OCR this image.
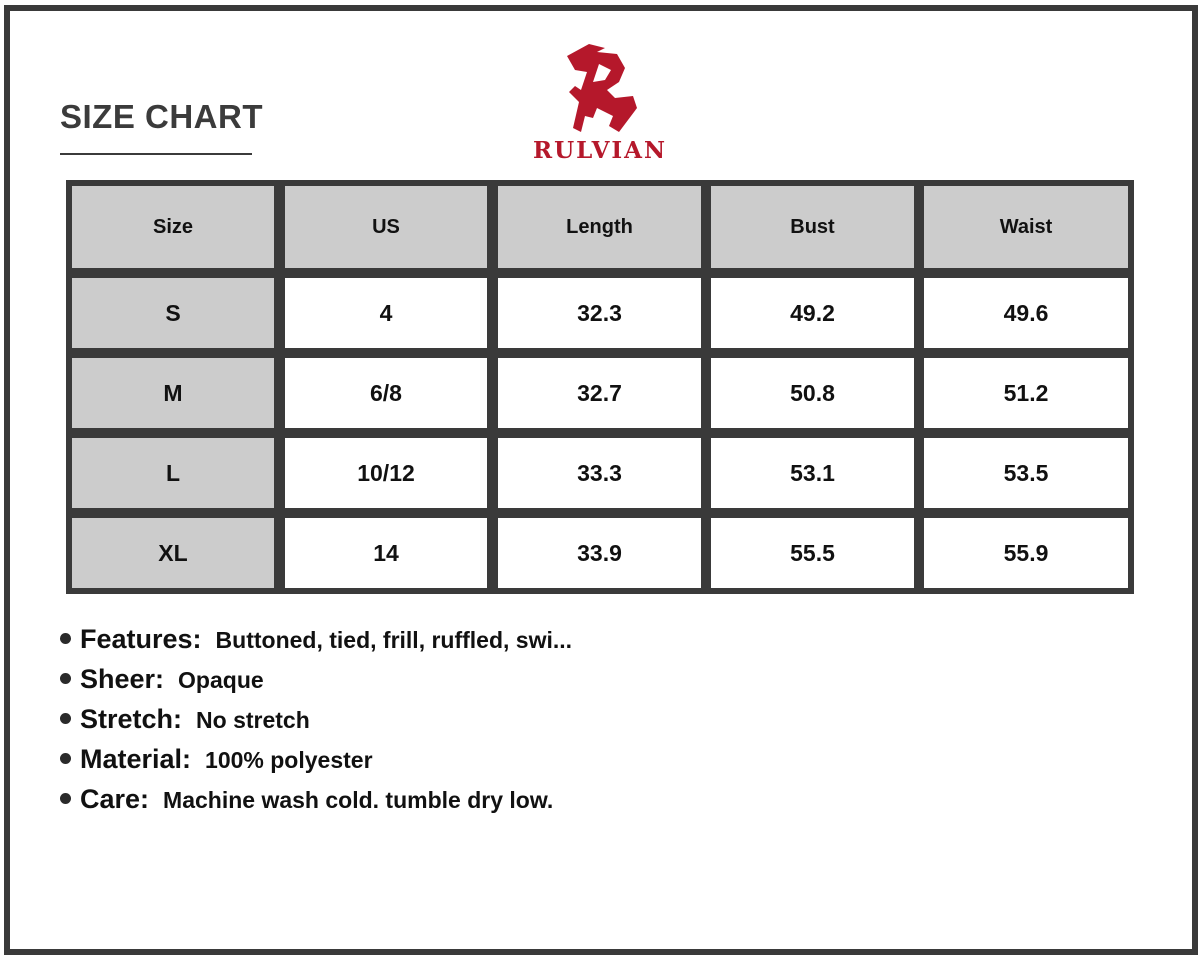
SIZE CHART
RULVIAN
Size	US	Length	Bust	Waist
S	4	32.3	49.2	49.6
M	6/8	32.7	50.8	51.2
L	10/12	33.3	53.1	53.5
XL	14	33.9	55.5	55.9
Features: Buttoned, tied, frill, ruffled, swi...
Sheer: Opaque
Stretch: No stretch
Material: 100% polyester
Care: Machine wash cold. tumble dry low.
